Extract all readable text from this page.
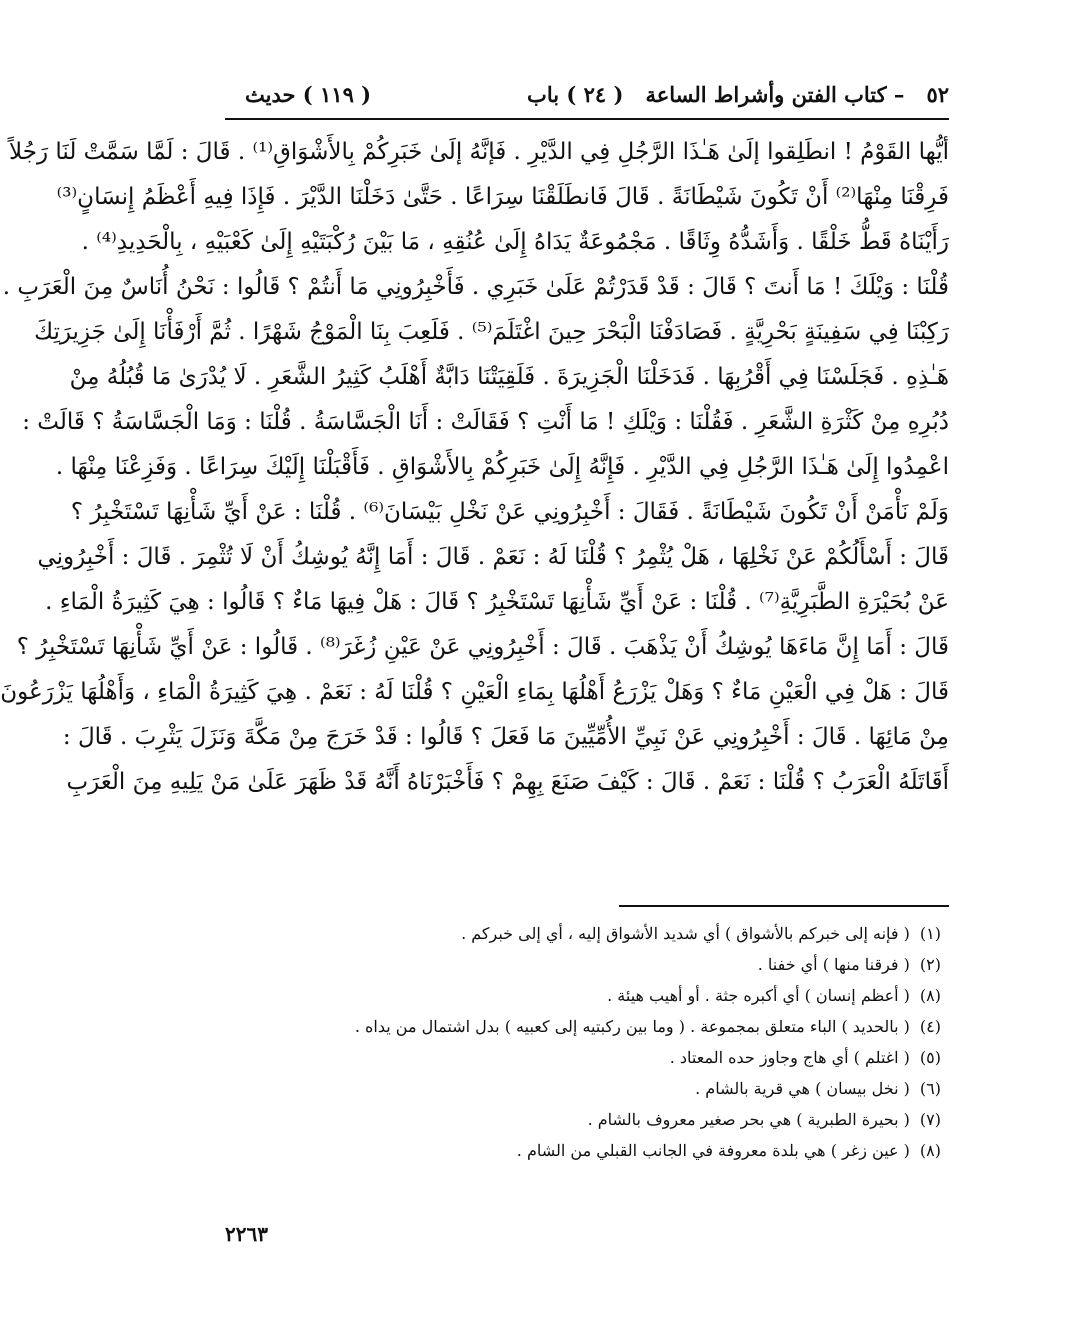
٥٢– كتاب الفتن وأشراط الساعة( ٢٤ ) باب
( ١١٩ ) حديث
أيُّها القَوْمُ ! انطَلِقوا إلَىٰ هَـٰذَا الرَّجُلِ فِي الدَّيْرِ . فَإنَّهُ إلَىٰ خَبَرِكُمْ بِالأَشْوَاقِ⁽¹⁾ . قَالَ : لَمَّا سَمَّتْ لَنَا رَجُلاً
فَرِقْنَا مِنْهَا⁽²⁾ أَنْ تَكُونَ شَيْطَانَةً . قَالَ فَانطَلَقْنَا سِرَاعًا . حَتَّىٰ دَخَلْنَا الدَّيْرَ . فَإِذَا فِيهِ أَعْظَمُ إِنسَانٍ⁽³⁾
رَأَيْنَاهُ قَطُّ خَلْقًا . وَأَشَدُّهُ وِثَاقًا . مَجْمُوعَةٌ يَدَاهُ إِلَىٰ عُنُقِهِ ، مَا بَيْنَ رُكْبَتَيْهِ إِلَىٰ كَعْبَيْهِ ، بِالْحَدِيدِ⁽⁴⁾ .
قُلْنَا : وَيْلَكَ ! مَا أَنتَ ؟ قَالَ : قَدْ قَدَرْتُمْ عَلَىٰ خَبَرِي . فَأَخْبِرُونِي مَا أَنتُمْ ؟ قَالُوا : نَحْنُ أُنَاسٌ مِنَ الْعَرَبِ .
رَكِبْنَا فِي سَفِينَةٍ بَحْرِيَّةٍ . فَصَادَفْنَا الْبَحْرَ حِينَ اغْتَلَمَ⁽⁵⁾ . فَلَعِبَ بِنَا الْمَوْجُ شَهْرًا . ثُمَّ أَرْفَأْنَا إِلَىٰ جَزِيرَتِكَ
هَـٰذِهِ . فَجَلَسْنَا فِي أَقْرُبِهَا . فَدَخَلْنَا الْجَزِيرَةَ . فَلَقِيَتْنَا دَابَّةٌ أَهْلَبُ كَثِيرُ الشَّعَرِ . لَا يُدْرَىٰ مَا قُبُلُهُ مِنْ
دُبُرِهِ مِنْ كَثْرَةِ الشَّعَرِ . فَقُلْنَا : وَيْلَكِ ! مَا أَنْتِ ؟ فَقَالَتْ : أَنَا الْجَسَّاسَةُ . قُلْنَا : وَمَا الْجَسَّاسَةُ ؟ قَالَتْ :
اعْمِدُوا إِلَىٰ هَـٰذَا الرَّجُلِ فِي الدَّيْرِ . فَإِنَّهُ إِلَىٰ خَبَرِكُمْ بِالأَشْوَاقِ . فَأَقْبَلْنَا إِلَيْكَ سِرَاعًا . وَفَزِعْنَا مِنْهَا .
وَلَمْ نَأْمَنْ أَنْ تَكُونَ شَيْطَانَةً . فَقَالَ : أَخْبِرُونِي عَنْ نَخْلِ بَيْسَانَ⁽⁶⁾ . قُلْنَا : عَنْ أَيِّ شَأْنِهَا تَسْتَخْبِرُ ؟
قَالَ : أَسْأَلُكُمْ عَنْ نَخْلِهَا ، هَلْ يُثْمِرُ ؟ قُلْنَا لَهُ : نَعَمْ . قَالَ : أَمَا إِنَّهُ يُوشِكُ أَنْ لَا تُثْمِرَ . قَالَ : أَخْبِرُونِي
عَنْ بُحَيْرَةِ الطَّبَرِيَّةِ⁽⁷⁾ . قُلْنَا : عَنْ أَيِّ شَأْنِهَا تَسْتَخْبِرُ ؟ قَالَ : هَلْ فِيهَا مَاءٌ ؟ قَالُوا : هِيَ كَثِيرَةُ الْمَاءِ .
قَالَ : أَمَا إِنَّ مَاءَهَا يُوشِكُ أَنْ يَذْهَبَ . قَالَ : أَخْبِرُونِي عَنْ عَيْنِ زُغَرَ⁽⁸⁾ . قَالُوا : عَنْ أَيِّ شَأْنِهَا تَسْتَخْبِرُ ؟
قَالَ : هَلْ فِي الْعَيْنِ مَاءٌ ؟ وَهَلْ يَزْرَعُ أَهْلُهَا بِمَاءِ الْعَيْنِ ؟ قُلْنَا لَهُ : نَعَمْ . هِيَ كَثِيرَةُ الْمَاءِ ، وَأَهْلُهَا يَزْرَعُونَ
مِنْ مَائِهَا . قَالَ : أَخْبِرُونِي عَنْ نَبِيِّ الأُمِّيِّينَ مَا فَعَلَ ؟ قَالُوا : قَدْ خَرَجَ مِنْ مَكَّةَ وَنَزَلَ يَثْرِبَ . قَالَ :
أَقَاتَلَهُ الْعَرَبُ ؟ قُلْنَا : نَعَمْ . قَالَ : كَيْفَ صَنَعَ بِهِمْ ؟ فَأَخْبَرْنَاهُ أَنَّهُ قَدْ ظَهَرَ عَلَىٰ مَنْ يَلِيهِ مِنَ الْعَرَبِ
(١)( فإنه إلى خبركم بالأشواق ) أي شديد الأشواق إليه ، أي إلى خبركم .
(٢)( فرقنا منها ) أي خفنا .
(٨)( أعظم إنسان ) أي أكبره جثة . أو أهيب هيئة .
(٤)( بالحديد ) الباء متعلق بمجموعة . ( وما بين ركبتيه إلى كعبيه ) بدل اشتمال من يداه .
(٥)( اغتلم ) أي هاج وجاوز حده المعتاد .
(٦)( نخل بيسان ) هي قرية بالشام .
(٧)( بحيرة الطبرية ) هي بحر صغير معروف بالشام .
(٨)( عين زغر ) هي بلدة معروفة في الجانب القبلي من الشام .
٢٢٦٣
